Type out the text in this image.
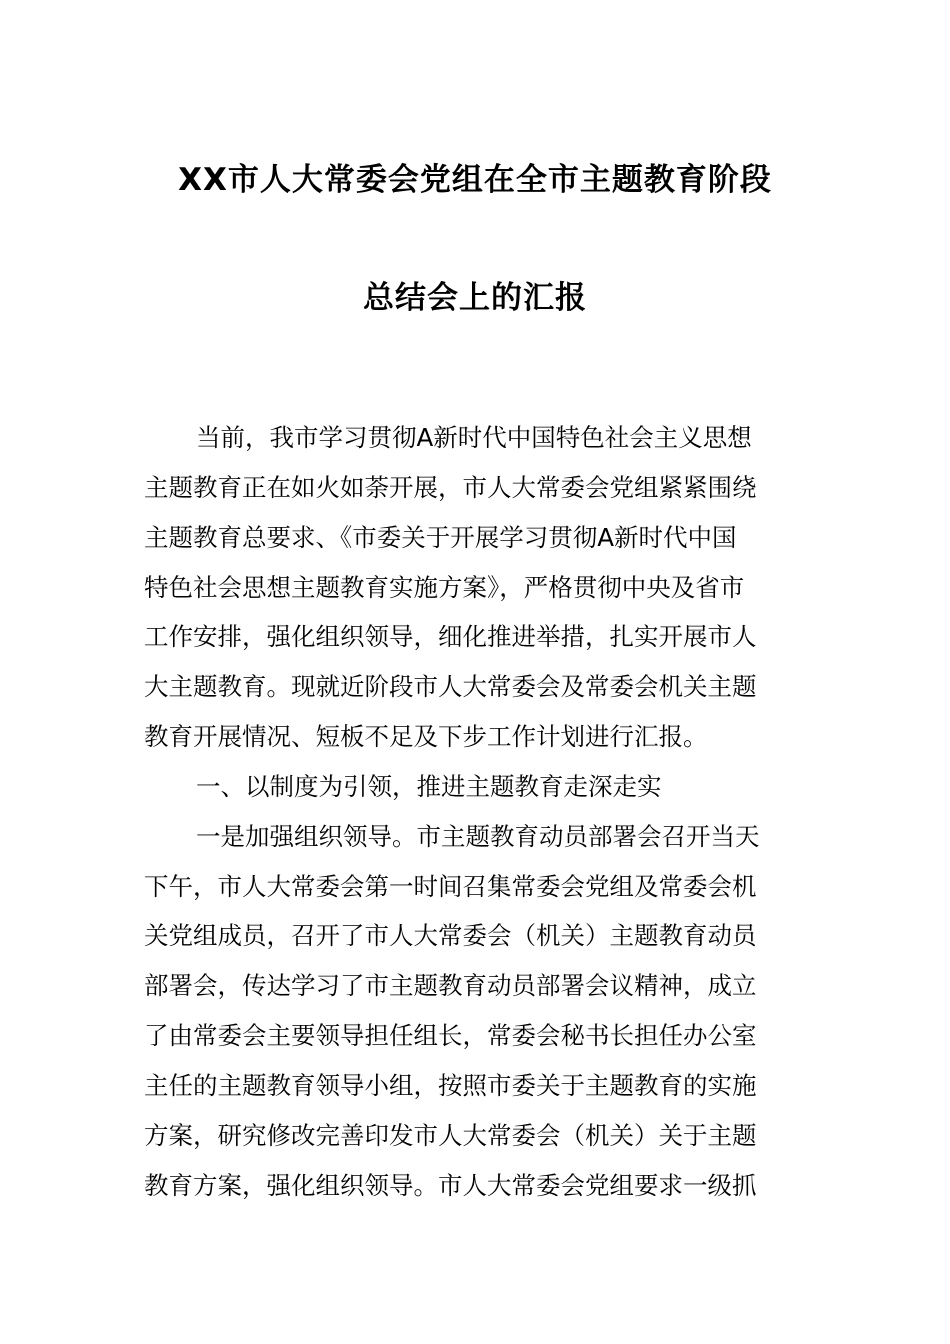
XX市人大常委会党组在全市主题教育阶段
总结会上的汇报
当前，我市学习贯彻A新时代中国特色社会主义思想
主题教育正在如火如荼开展，市人大常委会党组紧紧围绕
主题教育总要求、《市委关于开展学习贯彻A新时代中国
特色社会思想主题教育实施方案》，严格贯彻中央及省市
工作安排，强化组织领导，细化推进举措，扎实开展市人
大主题教育。现就近阶段市人大常委会及常委会机关主题
教育开展情况、短板不足及下步工作计划进行汇报。
一、以制度为引领，推进主题教育走深走实
一是加强组织领导。市主题教育动员部署会召开当天
下午，市人大常委会第一时间召集常委会党组及常委会机
关党组成员，召开了市人大常委会（机关）主题教育动员
部署会，传达学习了市主题教育动员部署会议精神，成立
了由常委会主要领导担任组长，常委会秘书长担任办公室
主任的主题教育领导小组，按照市委关于主题教育的实施
方案，研究修改完善印发市人大常委会（机关）关于主题
教育方案，强化组织领导。市人大常委会党组要求一级抓
